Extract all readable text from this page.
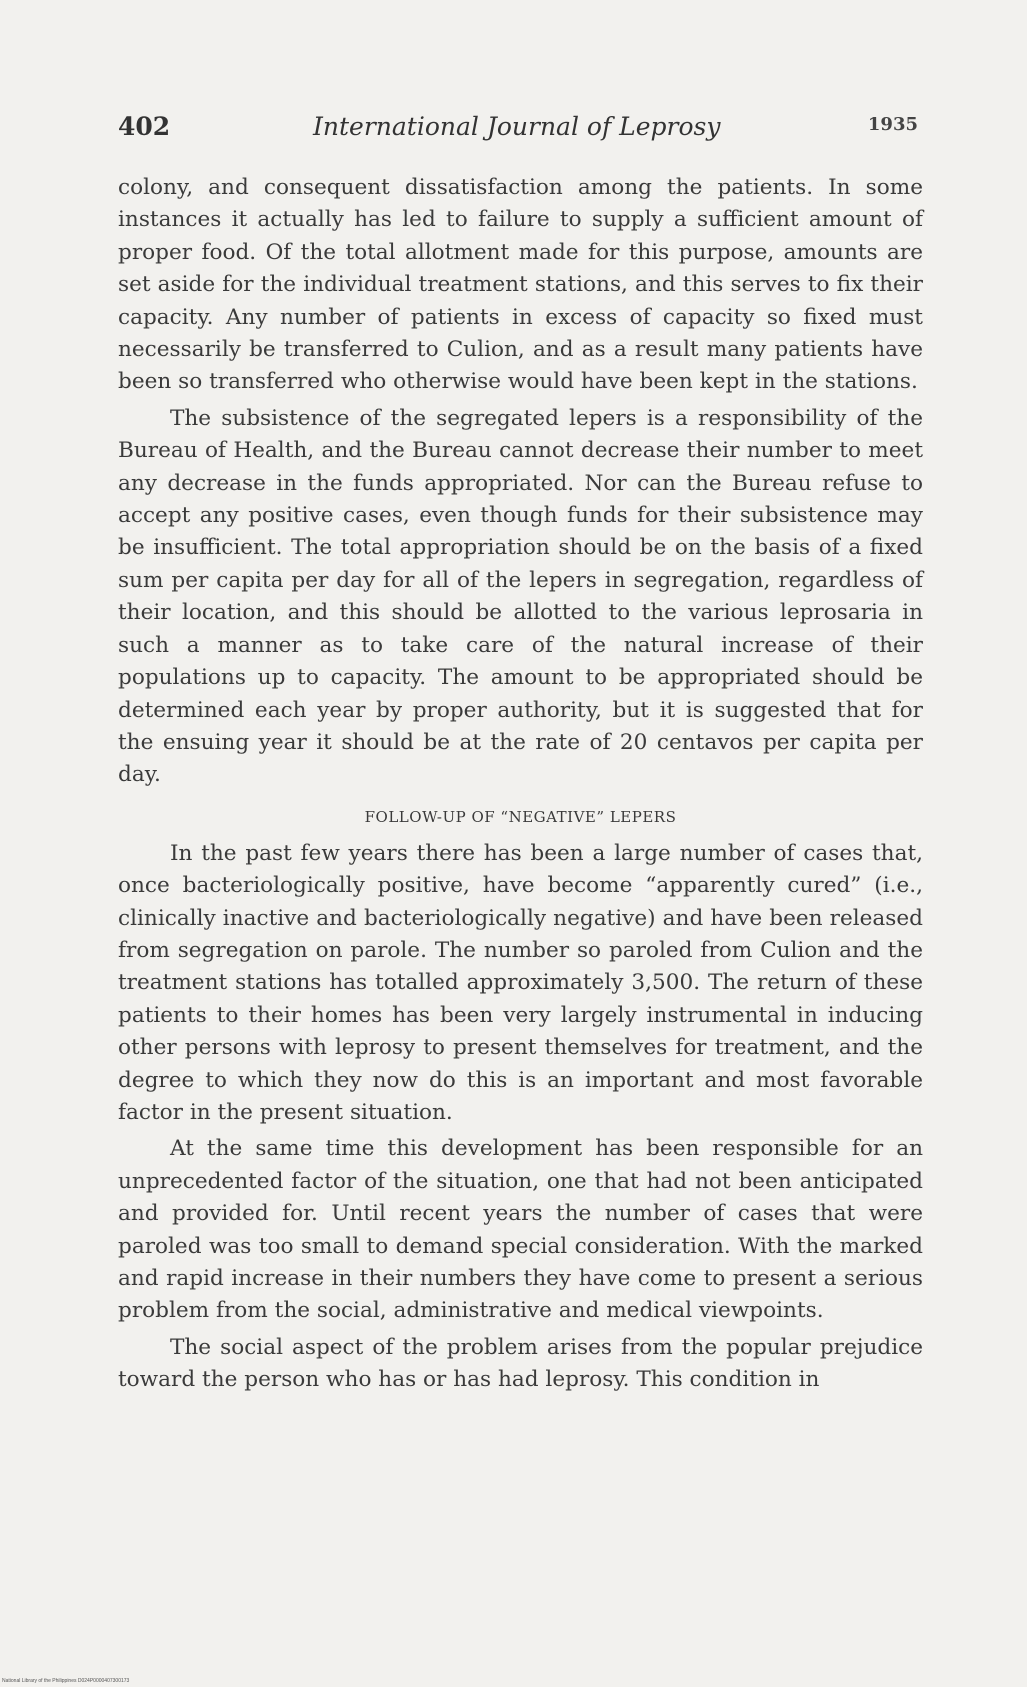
402	International Journal of Leprosy	1935

colony, and consequent dissatisfaction among the patients. In some instances it actually has led to failure to supply a sufficient amount of proper food. Of the total allotment made for this purpose, amounts are set aside for the individual treatment stations, and this serves to fix their capacity. Any number of patients in excess of capacity so fixed must necessarily be transferred to Culion, and as a result many patients have been so transferred who otherwise would have been kept in the stations.

The subsistence of the segregated lepers is a responsibility of the Bureau of Health, and the Bureau cannot decrease their number to meet any decrease in the funds appropriated. Nor can the Bureau refuse to accept any positive cases, even though funds for their subsistence may be insufficient. The total appropriation should be on the basis of a fixed sum per capita per day for all of the lepers in segregation, regardless of their location, and this should be allotted to the various leprosaria in such a manner as to take care of the natural increase of their populations up to capacity. The amount to be appropriated should be determined each year by proper authority, but it is suggested that for the ensuing year it should be at the rate of 20 centavos per capita per day.

FOLLOW-UP OF “NEGATIVE” LEPERS

In the past few years there has been a large number of cases that, once bacteriologically positive, have become “apparently cured” (i.e., clinically inactive and bacteriologically negative) and have been released from segregation on parole. The number so paroled from Culion and the treatment stations has totalled approximately 3,500. The return of these patients to their homes has been very largely instrumental in inducing other persons with leprosy to present themselves for treatment, and the degree to which they now do this is an important and most favorable factor in the present situation.

At the same time this development has been responsible for an unprecedented factor of the situation, one that had not been anticipated and provided for. Until recent years the number of cases that were paroled was too small to demand special consideration. With the marked and rapid increase in their numbers they have come to present a serious problem from the social, administrative and medical viewpoints.

The social aspect of the problem arises from the popular prejudice toward the person who has or has had leprosy. This condition in

National Library of the Philippines D024P0000407300173
